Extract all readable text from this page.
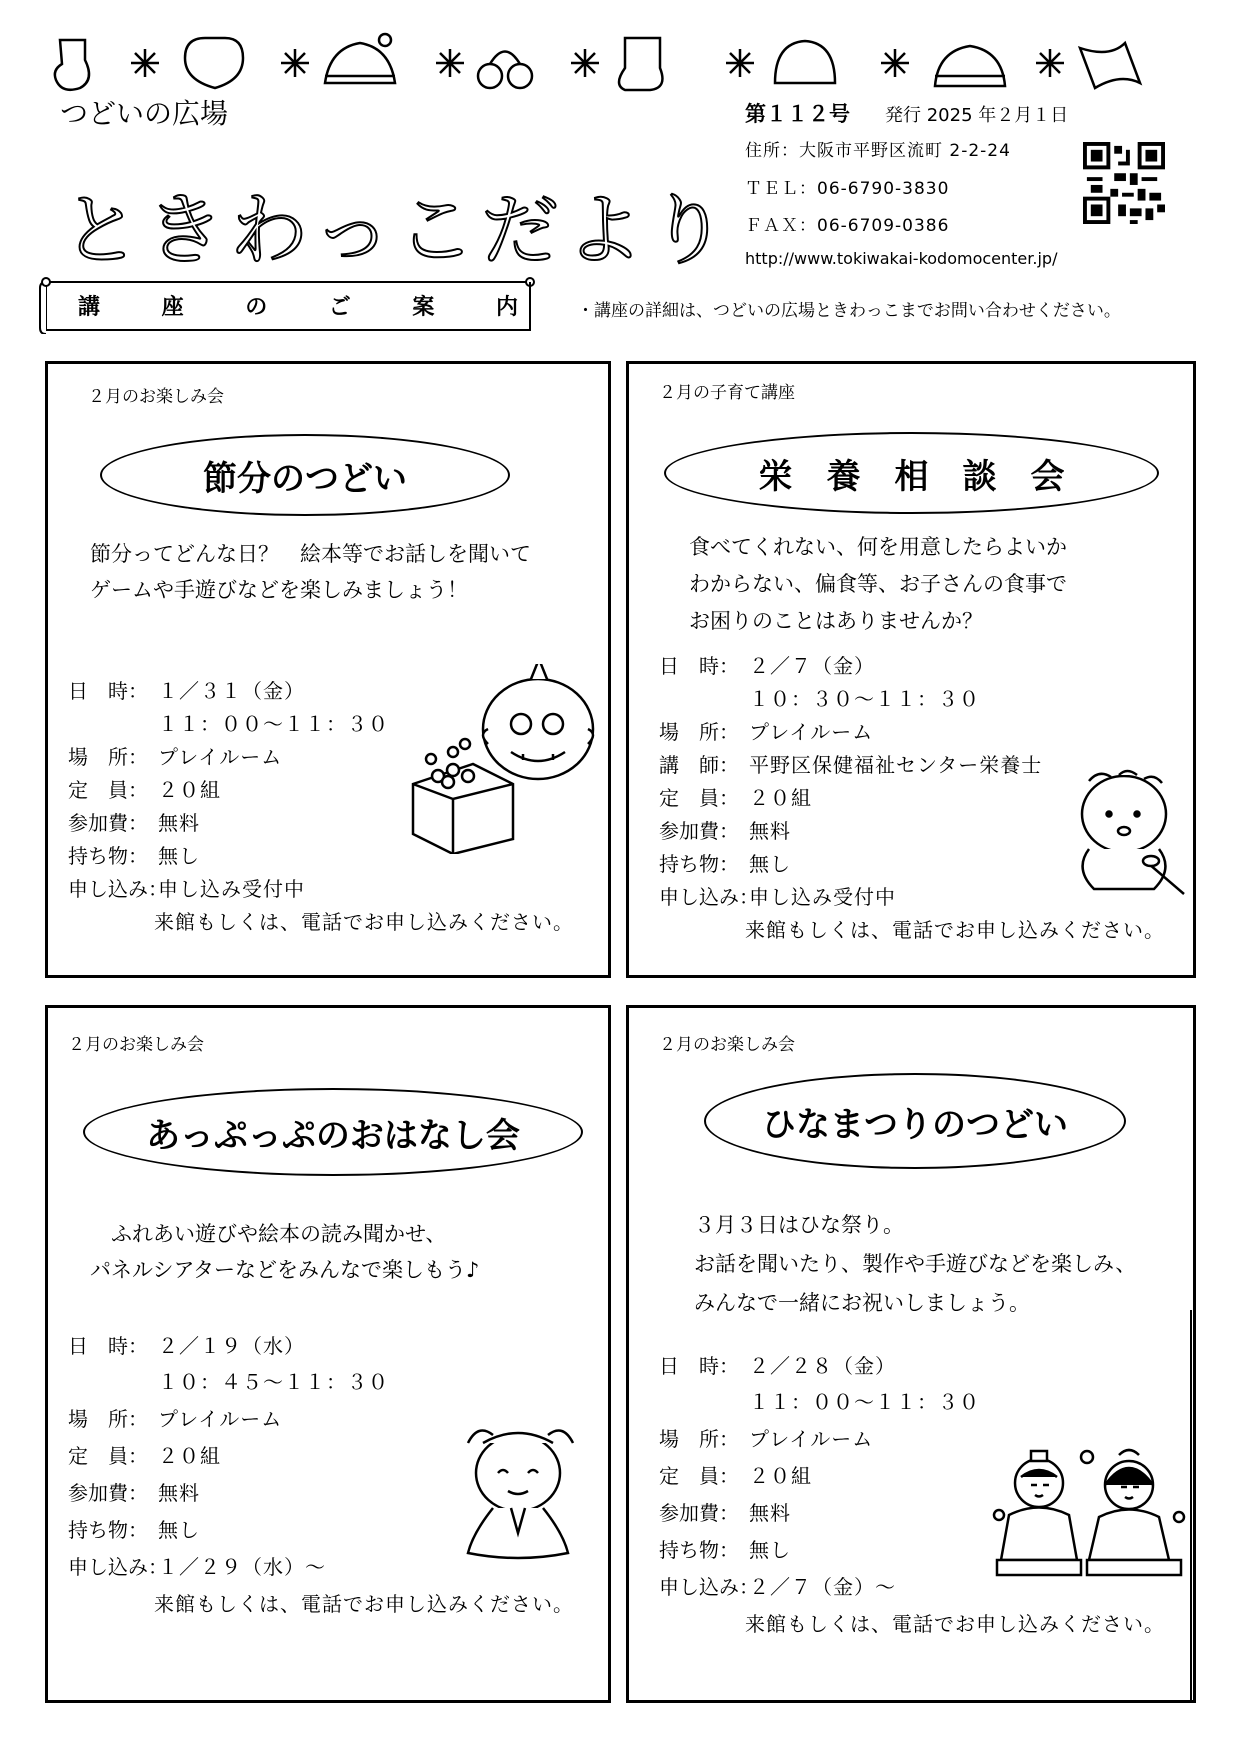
つどいの広場
ときわっこだより
第１１２号 発行 2025 年２月１日
住所：大阪市平野区流町 2-2-24
ＴＥＬ：06-6790-3830
ＦＡＸ：06-6709-0386
http://www.tokiwakai-kodomocenter.jp/
講	座	の	ご	案	内	・講座の詳細は、つどいの広場ときわっこまでお問い合わせください。
２月のお楽しみ会
節分のつどい
節分ってどんな日？　絵本等でお話しを聞いて
ゲームや手遊びなどを楽しみましょう！
日　時： １／３１（金）
１１：００～１１：３０
場　所： プレイルーム
定　員： ２０組
参加費： 無料
持ち物： 無し
申し込み：申し込み受付中
来館もしくは、電話でお申し込みください。
２月の子育て講座
栄　養　相　談　会
食べてくれない、何を用意したらよいか
わからない、偏食等、お子さんの食事で
お困りのことはありませんか？
日　時： ２／７（金）
１０：３０～１１：３０
場　所： プレイルーム
講　師： 平野区保健福祉センター栄養士
定　員： ２０組
参加費： 無料
持ち物： 無し
申し込み：申し込み受付中
来館もしくは、電話でお申し込みください。
２月のお楽しみ会
あっぷっぷのおはなし会
　ふれあい遊びや絵本の読み聞かせ、
パネルシアターなどをみんなで楽しもう♪
日　時： ２／１９（水）
１０：４５～１１：３０
場　所： プレイルーム
定　員： ２０組
参加費： 無料
持ち物： 無し
申し込み：１／２９（水）～
来館もしくは、電話でお申し込みください。
２月のお楽しみ会
ひなまつりのつどい
３月３日はひな祭り。
お話を聞いたり、製作や手遊びなどを楽しみ、
みんなで一緒にお祝いしましょう。
日　時： ２／２８（金）
１１：００～１１：３０
場　所： プレイルーム
定　員： ２０組
参加費： 無料
持ち物： 無し
申し込み：２／７（金）～
来館もしくは、電話でお申し込みください。
